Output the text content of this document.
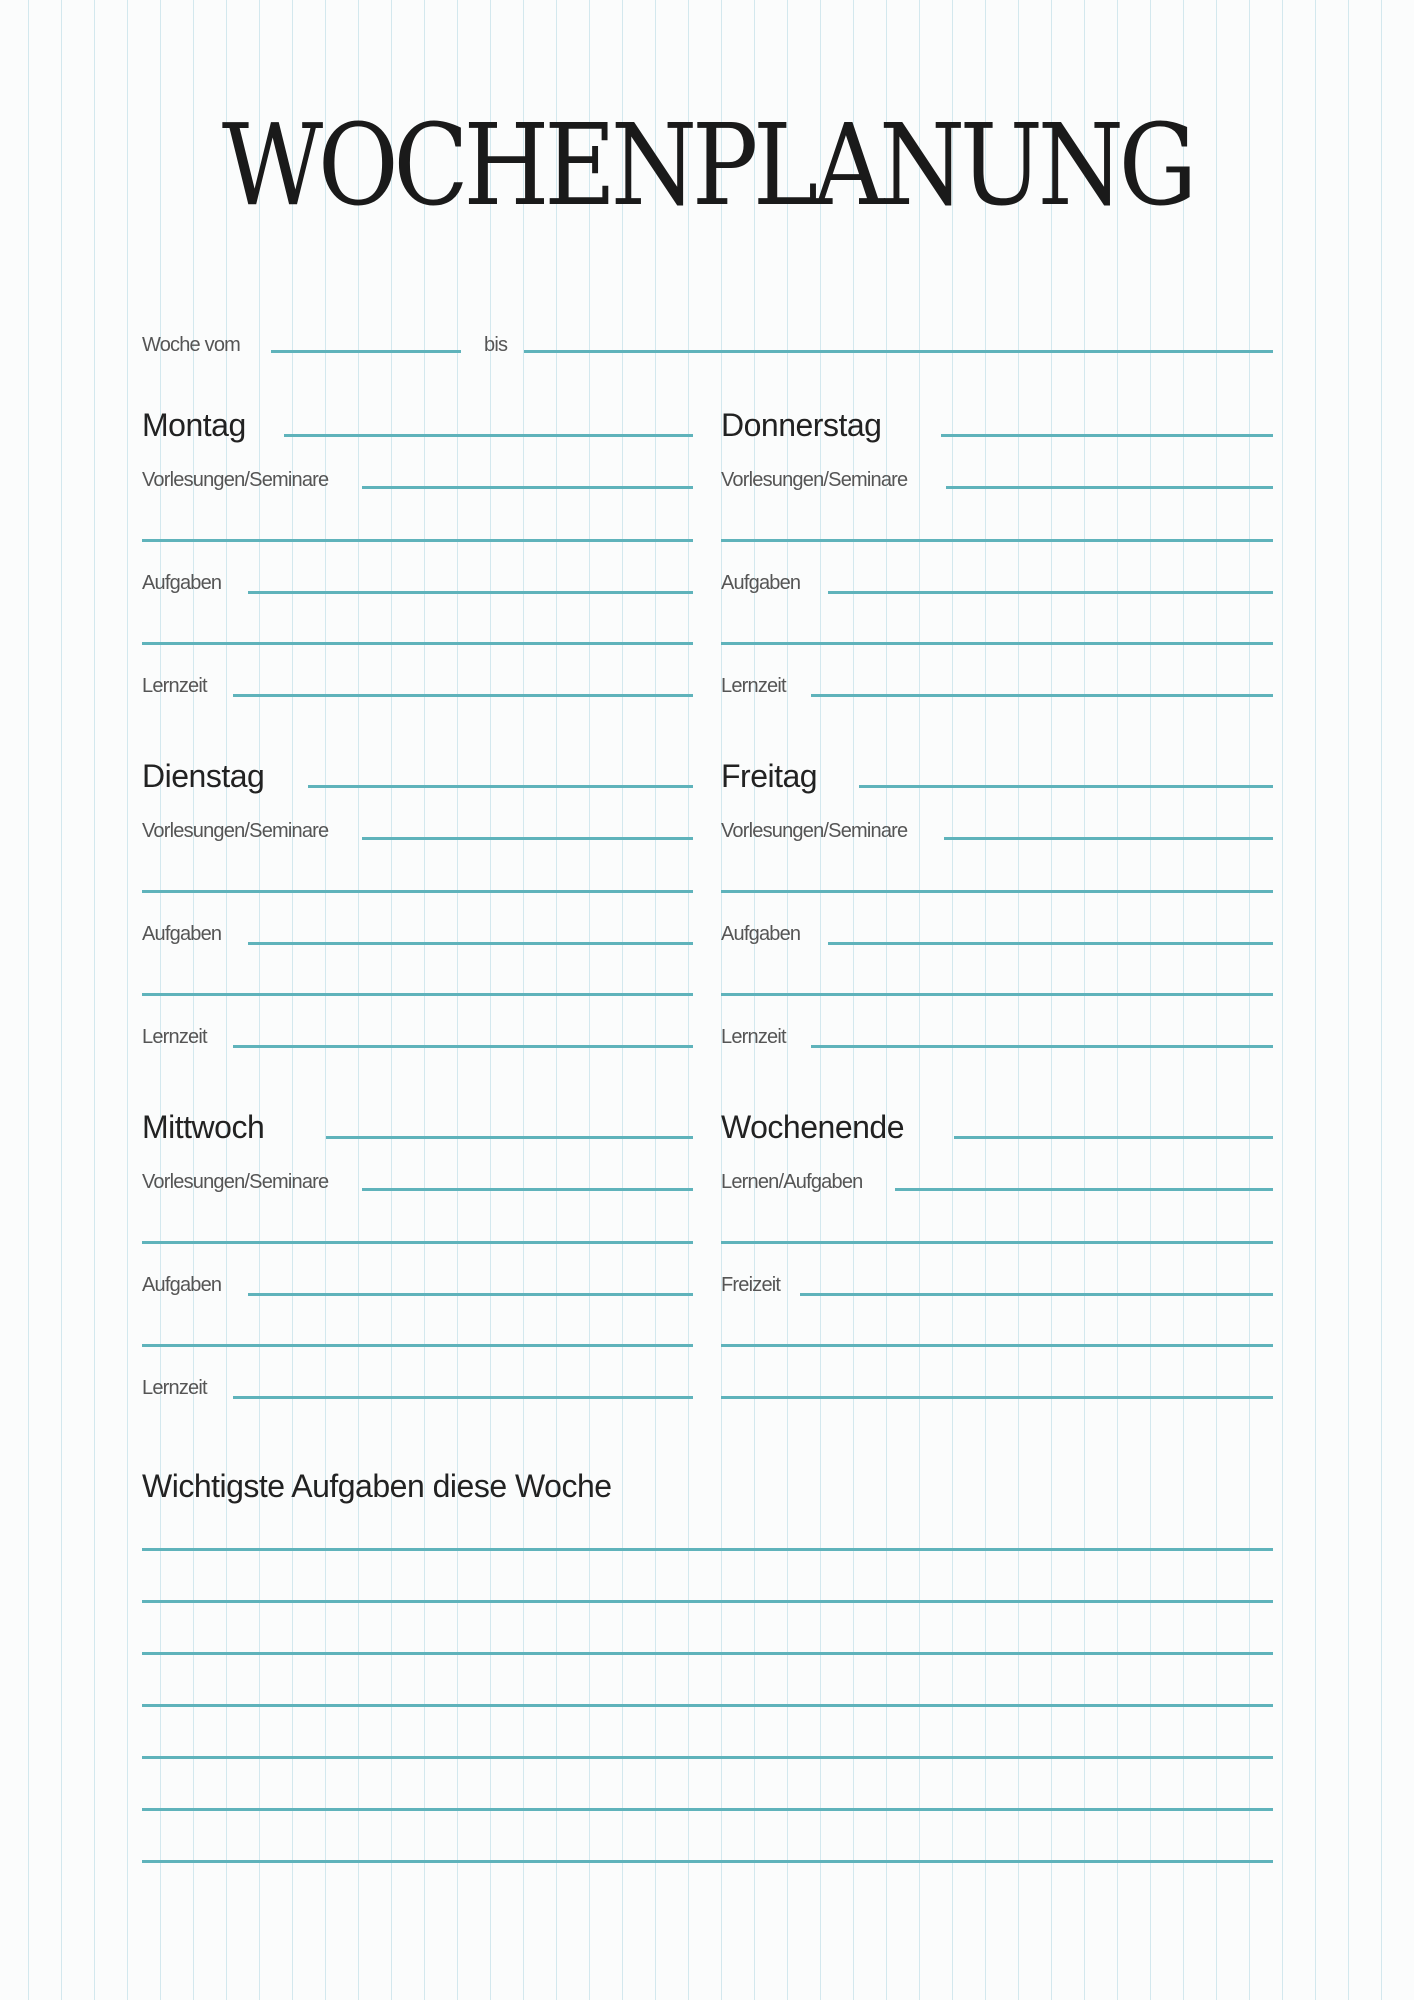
WOCHENPLANUNG
Woche vom	bis
Montag
Vorlesungen/Seminare
Aufgaben
Lernzeit
Dienstag
Vorlesungen/Seminare
Aufgaben
Lernzeit
Mittwoch
Vorlesungen/Seminare
Aufgaben
Lernzeit
Donnerstag
Vorlesungen/Seminare
Aufgaben
Lernzeit
Freitag
Vorlesungen/Seminare
Aufgaben
Lernzeit
Wochenende
Lernen/Aufgaben
Freizeit
Wichtigste Aufgaben diese Woche
